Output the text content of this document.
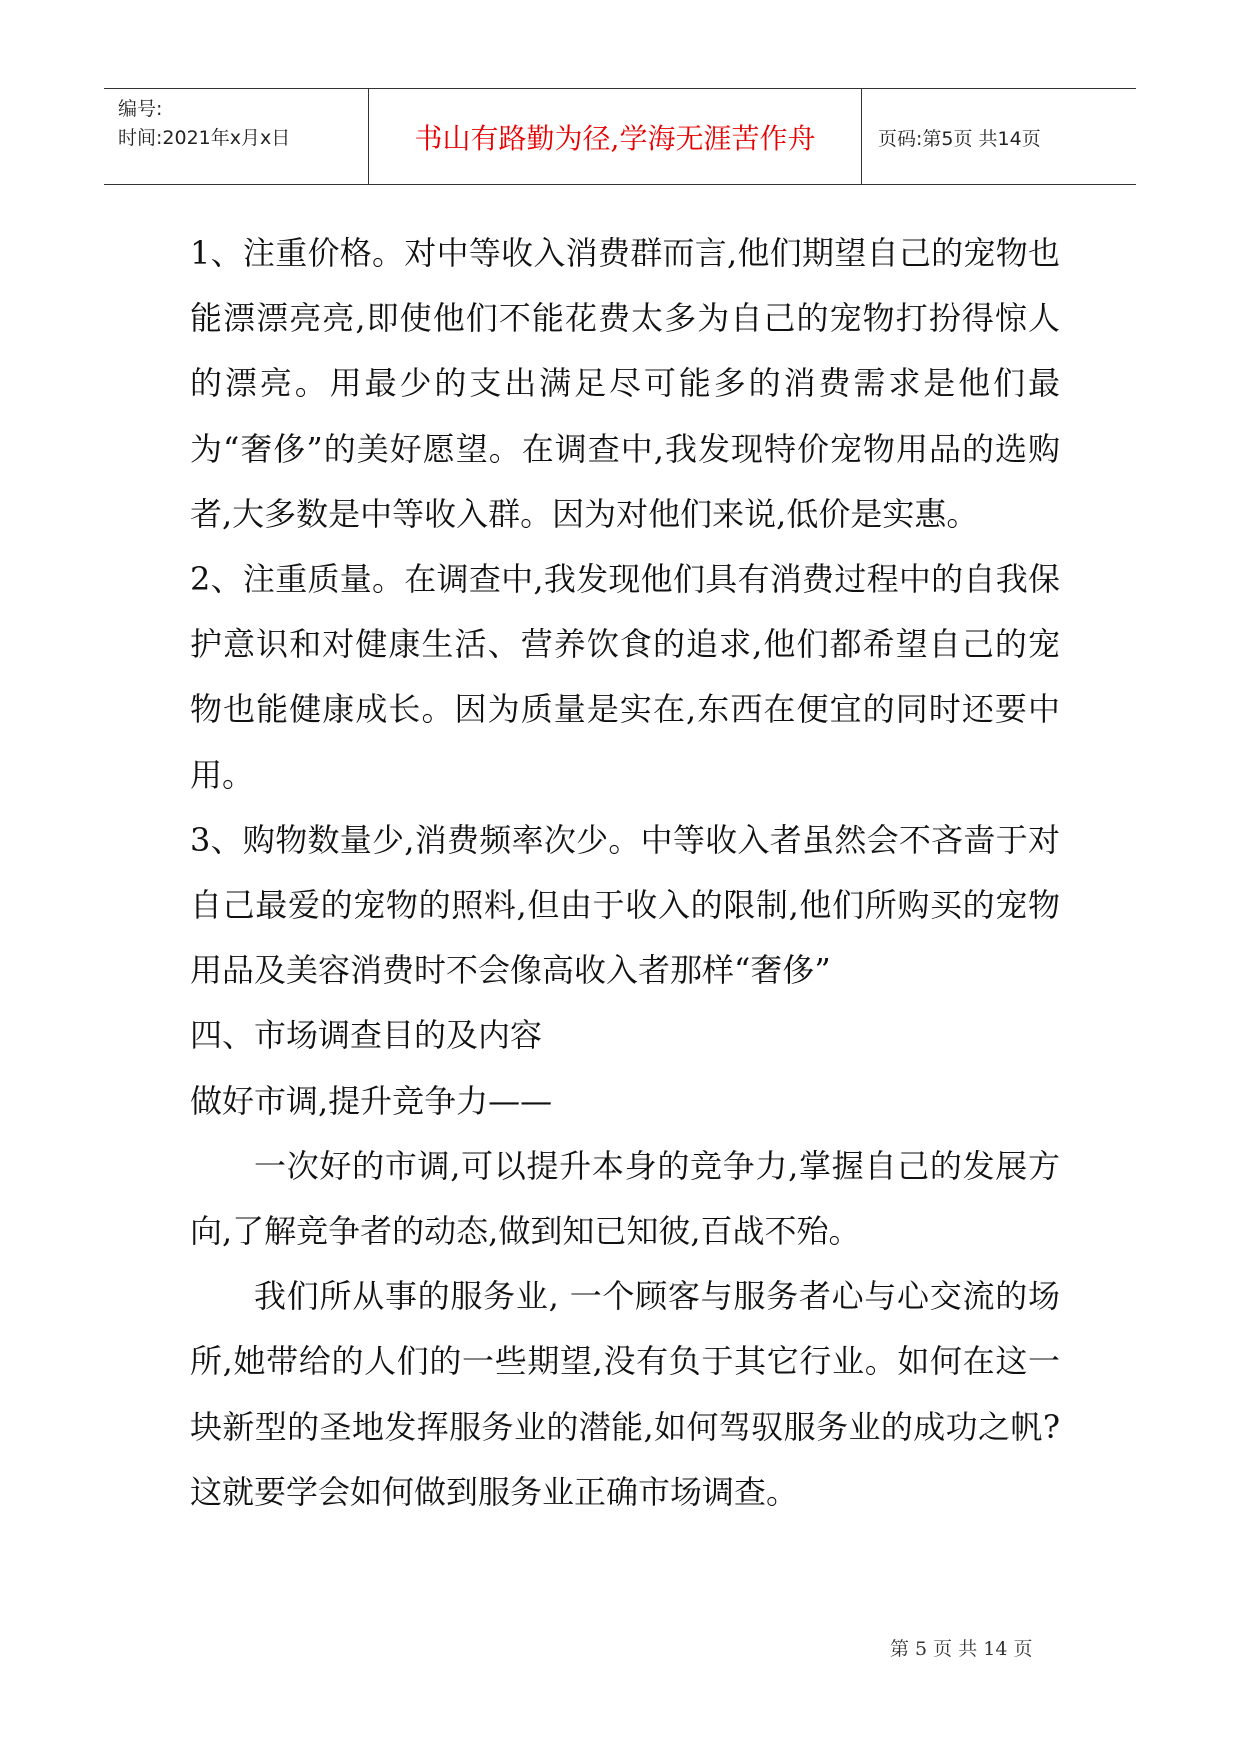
编号:
时间:2021年x月x日	书山有路勤为径,学海无涯苦作舟	页码:第5页 共14页

1、注重价格。对中等收入消费群而言,他们期望自己的宠物也能漂漂亮亮,即使他们不能花费太多为自己的宠物打扮得惊人的漂亮。用最少的支出满足尽可能多的消费需求是他们最为“奢侈”的美好愿望。在调查中,我发现特价宠物用品的选购者,大多数是中等收入群。因为对他们来说,低价是实惠。

2、注重质量。在调查中,我发现他们具有消费过程中的自我保护意识和对健康生活、营养饮食的追求,他们都希望自己的宠物也能健康成长。因为质量是实在,东西在便宜的同时还要中用。

3、购物数量少,消费频率次少。中等收入者虽然会不吝啬于对自己最爱的宠物的照料,但由于收入的限制,他们所购买的宠物用品及美容消费时不会像高收入者那样“奢侈”

四、市场调查目的及内容

做好市调,提升竞争力——

一次好的市调,可以提升本身的竞争力,掌握自己的发展方向,了解竞争者的动态,做到知已知彼,百战不殆。

我们所从事的服务业, 一个顾客与服务者心与心交流的场所,她带给的人们的一些期望,没有负于其它行业。如何在这一块新型的圣地发挥服务业的潜能,如何驾驭服务业的成功之帆?这就要学会如何做到服务业正确市场调查。

第 5 页 共 14 页
